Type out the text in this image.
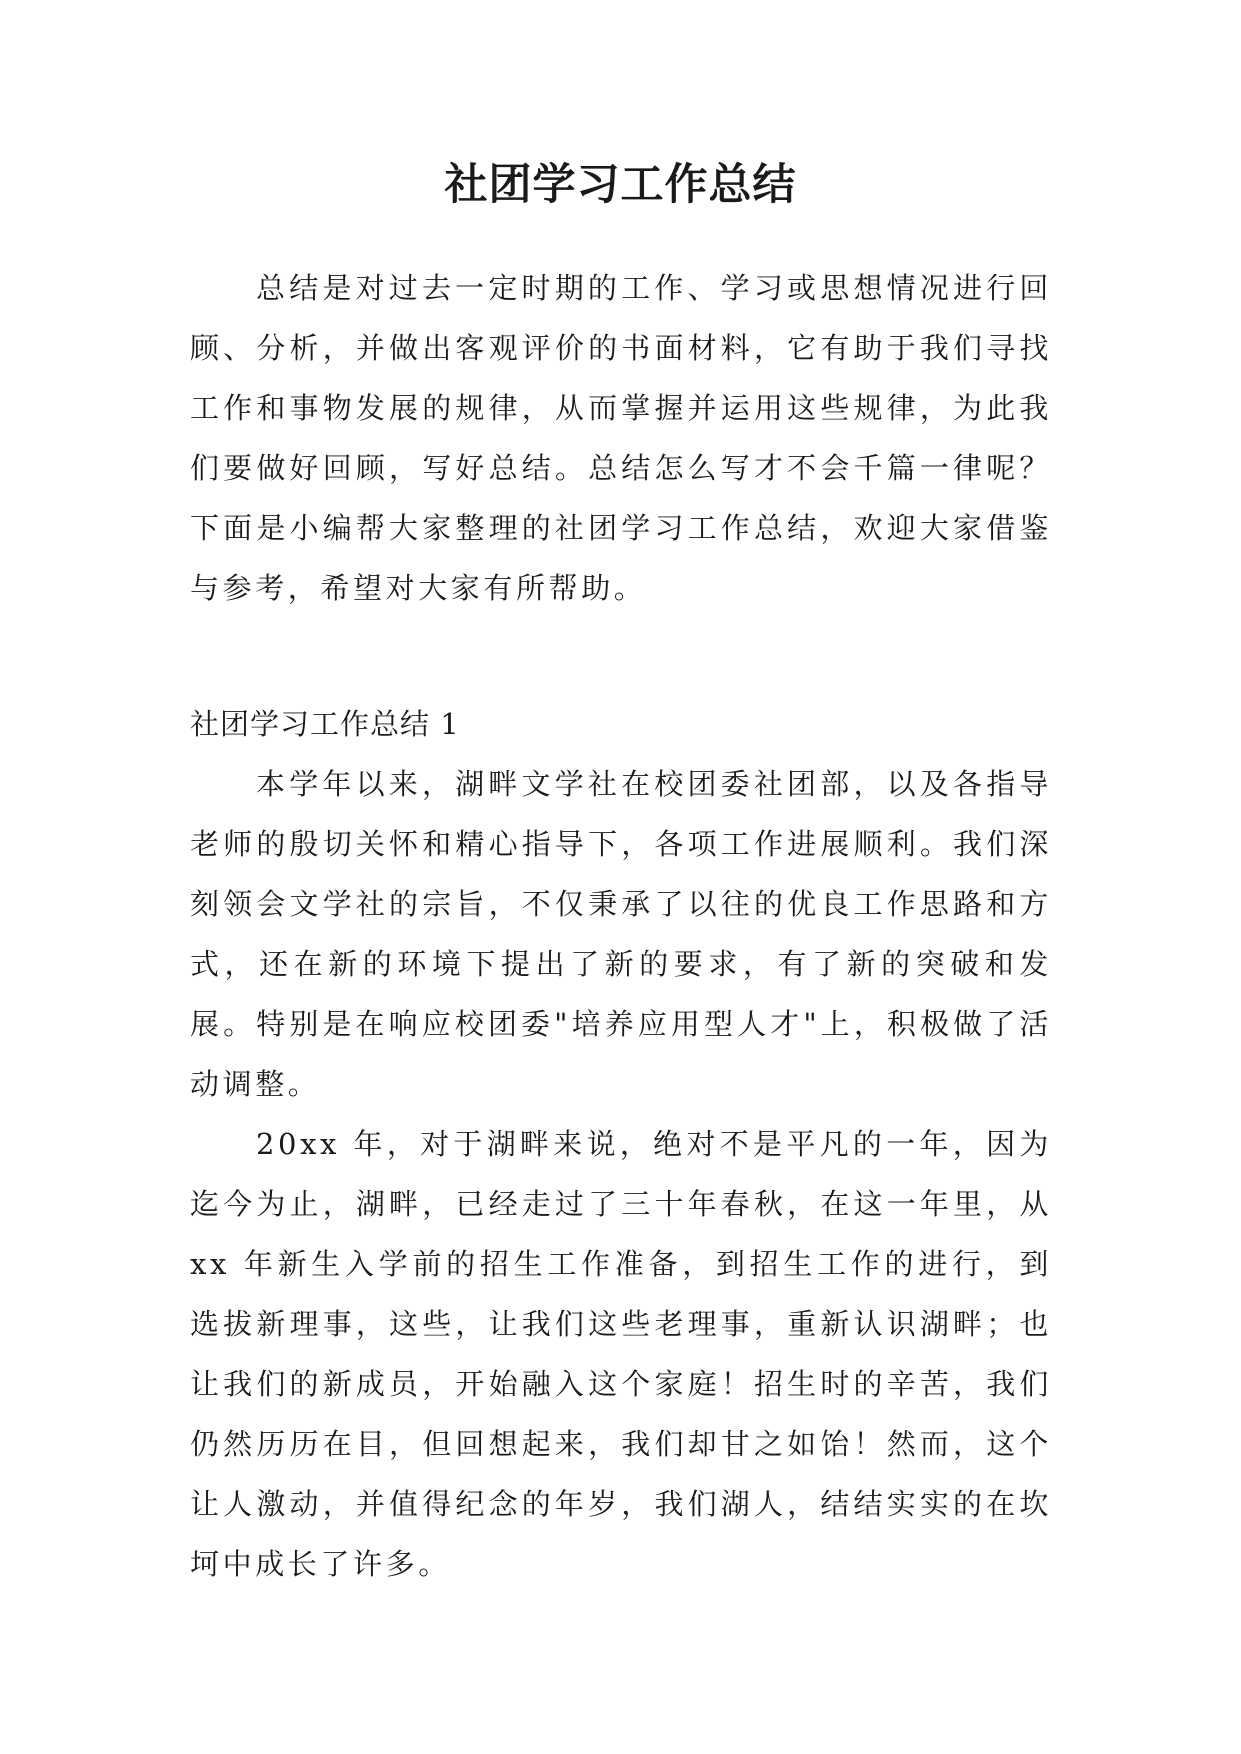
社团学习工作总结

总结是对过去一定时期的工作、学习或思想情况进行回顾、分析，并做出客观评价的书面材料，它有助于我们寻找工作和事物发展的规律，从而掌握并运用这些规律，为此我们要做好回顾，写好总结。总结怎么写才不会千篇一律呢？下面是小编帮大家整理的社团学习工作总结，欢迎大家借鉴与参考，希望对大家有所帮助。

社团学习工作总结 1

本学年以来，湖畔文学社在校团委社团部，以及各指导老师的殷切关怀和精心指导下，各项工作进展顺利。我们深刻领会文学社的宗旨，不仅秉承了以往的优良工作思路和方式，还在新的环境下提出了新的要求，有了新的突破和发展。特别是在响应校团委"培养应用型人才"上，积极做了活动调整。

20xx 年，对于湖畔来说，绝对不是平凡的一年，因为迄今为止，湖畔，已经走过了三十年春秋，在这一年里，从 xx 年新生入学前的招生工作准备，到招生工作的进行，到选拔新理事，这些，让我们这些老理事，重新认识湖畔；也让我们的新成员，开始融入这个家庭！招生时的辛苦，我们仍然历历在目，但回想起来，我们却甘之如饴！然而，这个让人激动，并值得纪念的年岁，我们湖人，结结实实的在坎坷中成长了许多。
